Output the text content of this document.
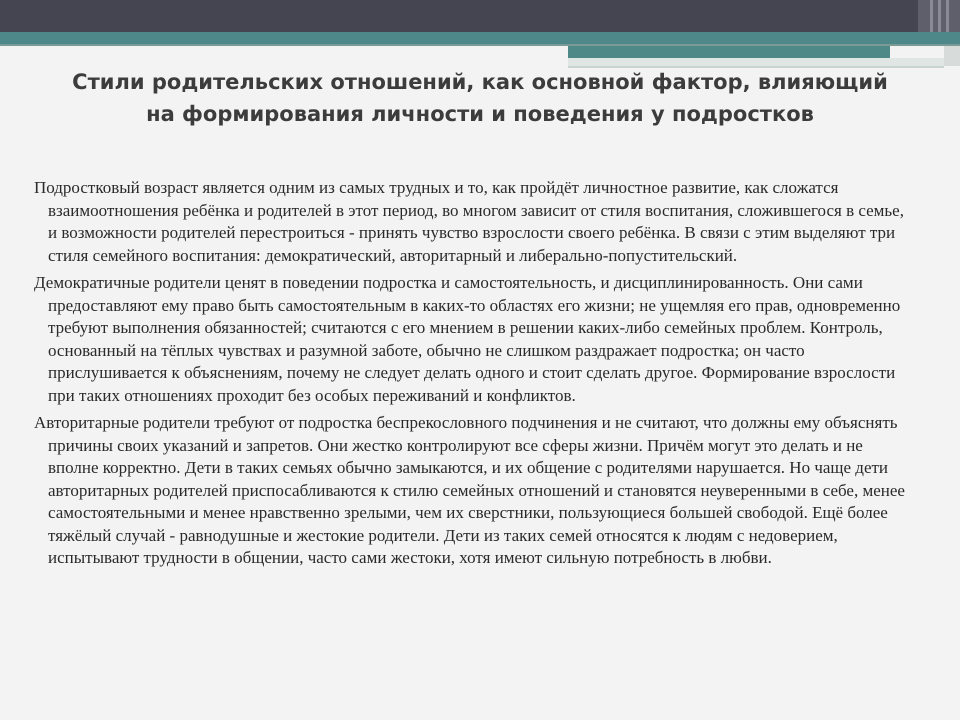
Стили родительских отношений, как основной фактор, влияющий на формирования личности и поведения у подростков

Подростковый возраст является одним из самых трудных и то, как пройдёт личностное развитие, как сложатся взаимоотношения ребёнка и родителей в этот период, во многом зависит от стиля воспитания, сложившегося в семье, и возможности родителей перестроиться - принять чувство взрослости своего ребёнка. В связи с этим выделяют три стиля семейного воспитания: демократический, авторитарный и либерально-попустительский.

Демократичные родители ценят в поведении подростка и самостоятельность, и дисциплинированность. Они сами предоставляют ему право быть самостоятельным в каких-то областях его жизни; не ущемляя его прав, одновременно требуют выполнения обязанностей; считаются с его мнением в решении каких-либо семейных проблем. Контроль, основанный на тёплых чувствах и разумной заботе, обычно не слишком раздражает подростка; он часто прислушивается к объяснениям, почему не следует делать одного и стоит сделать другое. Формирование взрослости при таких отношениях проходит без особых переживаний и конфликтов.

Авторитарные родители требуют от подростка беспрекословного подчинения и не считают, что должны ему объяснять причины своих указаний и запретов. Они жестко контролируют все сферы жизни. Причём могут это делать и не вполне корректно. Дети в таких семьях обычно замыкаются, и их общение с родителями нарушается. Но чаще дети авторитарных родителей приспосабливаются к стилю семейных отношений и становятся неуверенными в себе, менее самостоятельными и менее нравственно зрелыми, чем их сверстники, пользующиеся большей свободой. Ещё более тяжёлый случай - равнодушные и жестокие родители. Дети из таких семей относятся к людям с недоверием, испытывают трудности в общении, часто сами жестоки, хотя имеют сильную потребность в любви.
